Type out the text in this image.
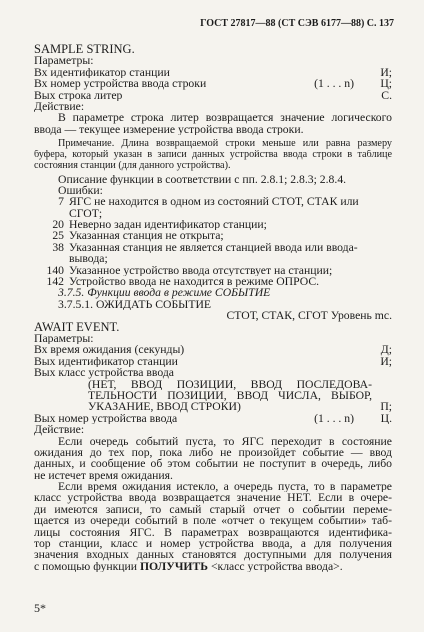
ГОСТ 27817—88 (СТ СЭВ 6177—88) С. 137
SAMPLE STRING.
Параметры:
Вх идентификатор станции	И;
Вх номер устройства ввода строки	(1 . . . n) Ц;
Вых строка литер	С.
Действие:
В параметре строка литер возвращается значение логического
ввода — текущее измерение устройства ввода строки.
Примечание. Длина возвращаемой строки меньше или равна размеру
буфера, который указан в записи данных устройства ввода строки в таблице
состояния станции (для данного устройства).
Описание функции в соответствии с пп. 2.8.1; 2.8.3; 2.8.4.
Ошибки:
7 ЯГС не находится в одном из состояний СТОТ, СТАК или
СГОТ;
20 Неверно задан идентификатор станции;
25 Указанная станция не открыта;
38 Указанная станция не является станцией ввода или ввода-
вывода;
140 Указанное устройство ввода отсутствует на станции;
142 Устройство ввода не находится в режиме ОПРОС.
3.7.5. Функции ввода в режиме СОБЫТИЕ
3.7.5.1. ОЖИДАТЬ СОБЫТИЕ
СТОТ, СТАК, СГОТ Уровень mc.
AWAIT EVENT.
Параметры:
Вх время ожидания (секунды)	Д;
Вых идентификатор станции	И;
Вых класс устройства ввода
(НЕТ, ВВОД ПОЗИЦИИ, ВВОД ПОСЛЕДОВА-
ТЕЛЬНОСТИ ПОЗИЦИИ, ВВОД ЧИСЛА, ВЫБОР,
УКАЗАНИЕ, ВВОД СТРОКИ)	П;
Вых номер устройства ввода	(1 . . . n) Ц.
Действие:
Если очередь событий пуста, то ЯГС переходит в состояние
ожидания до тех пор, пока либо не произойдет событие — ввод
данных, и сообщение об этом событии не поступит в очередь, либо
не истечет время ожидания.
Если время ожидания истекло, а очередь пуста, то в параметре
класс устройства ввода возвращается значение НЕТ. Если в очере-
ди имеются записи, то самый старый отчет о событии переме-
щается из очереди событий в поле «отчет о текущем событии» таб-
лицы состояния ЯГС. В параметрах возвращаются идентифика-
тор станции, класс и номер устройства ввода, а для получения
значения входных данных становятся доступными для получения
с помощью функции ПОЛУЧИТЬ <класс устройства ввода>.
5*
